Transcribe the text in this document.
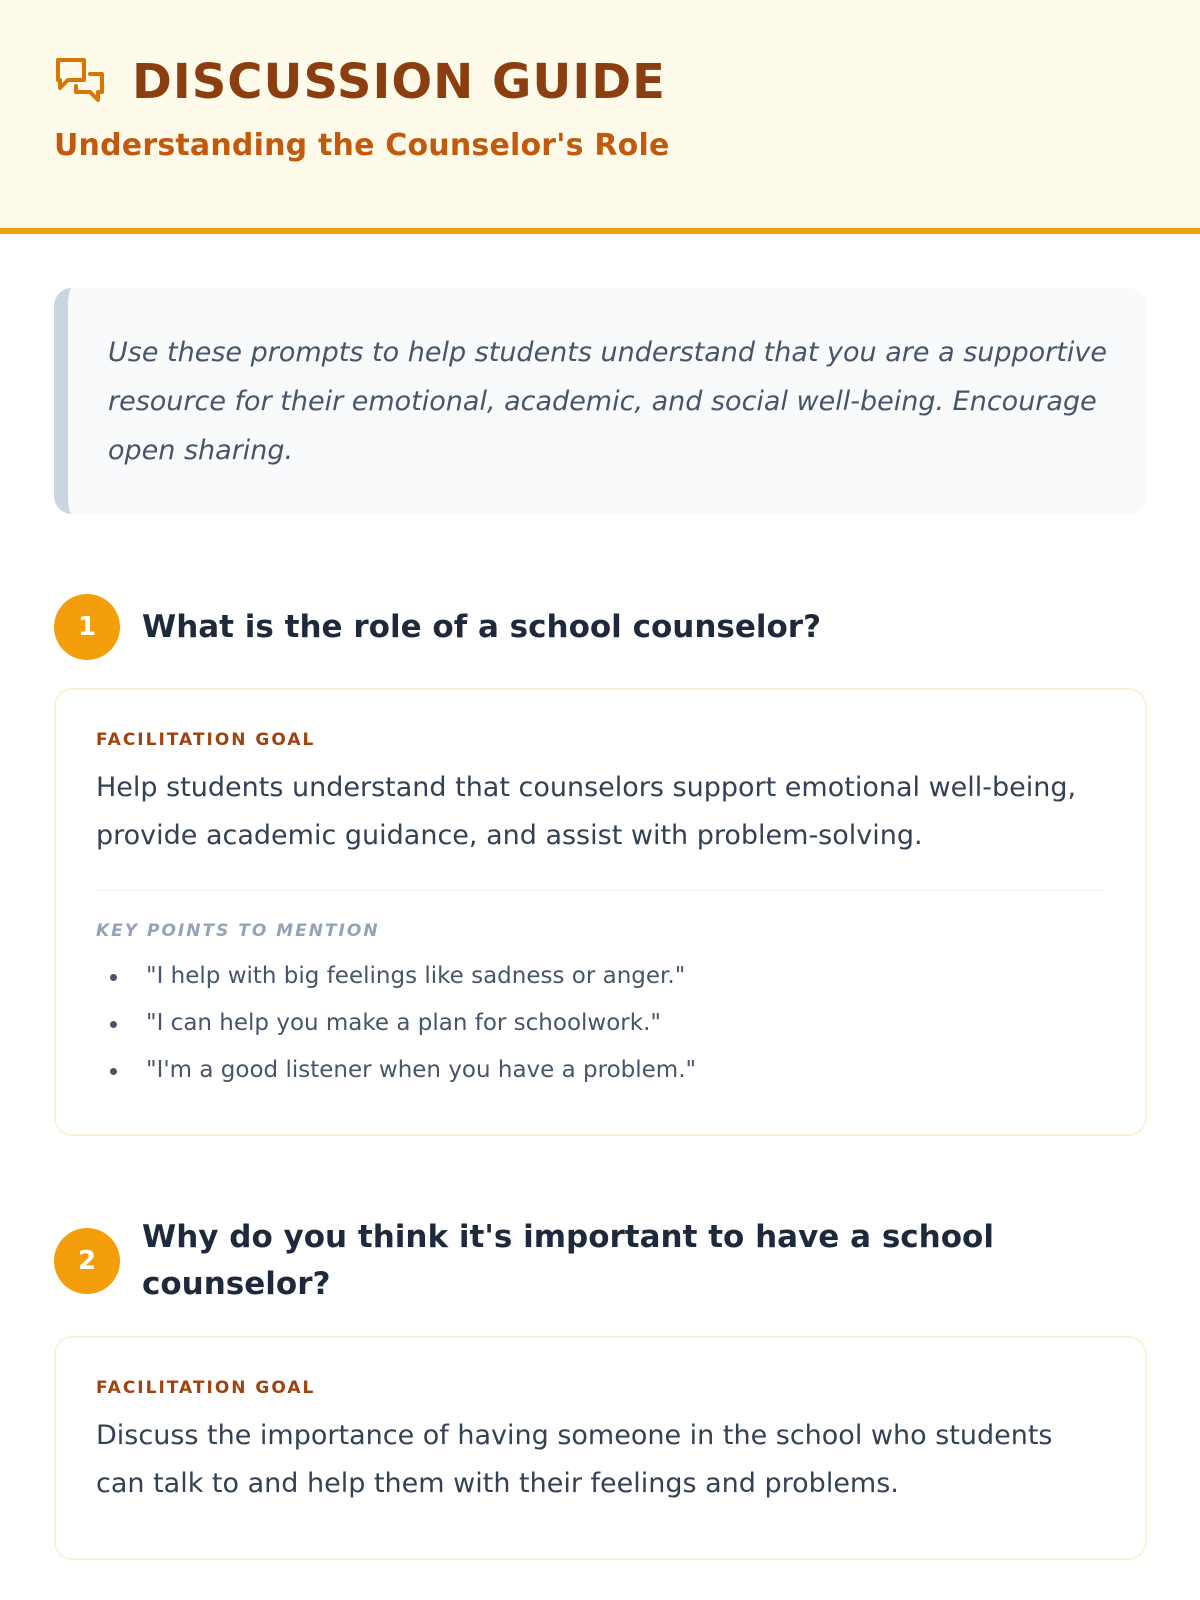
DISCUSSION GUIDE
Understanding the Counselor's Role

Use these prompts to help students understand that you are a supportive resource for their emotional, academic, and social well-being. Encourage open sharing.

1	What is the role of a school counselor?
FACILITATION GOAL

Help students understand that counselors support emotional well-being, provide academic guidance, and assist with problem-solving.

KEY POINTS TO MENTION
"I help with big feelings like sadness or anger."
"I can help you make a plan for schoolwork."
"I'm a good listener when you have a problem."
2
Why do you think it's important to have a school counselor?
FACILITATION GOAL

Discuss the importance of having someone in the school who students can talk to and help them with their feelings and problems.
